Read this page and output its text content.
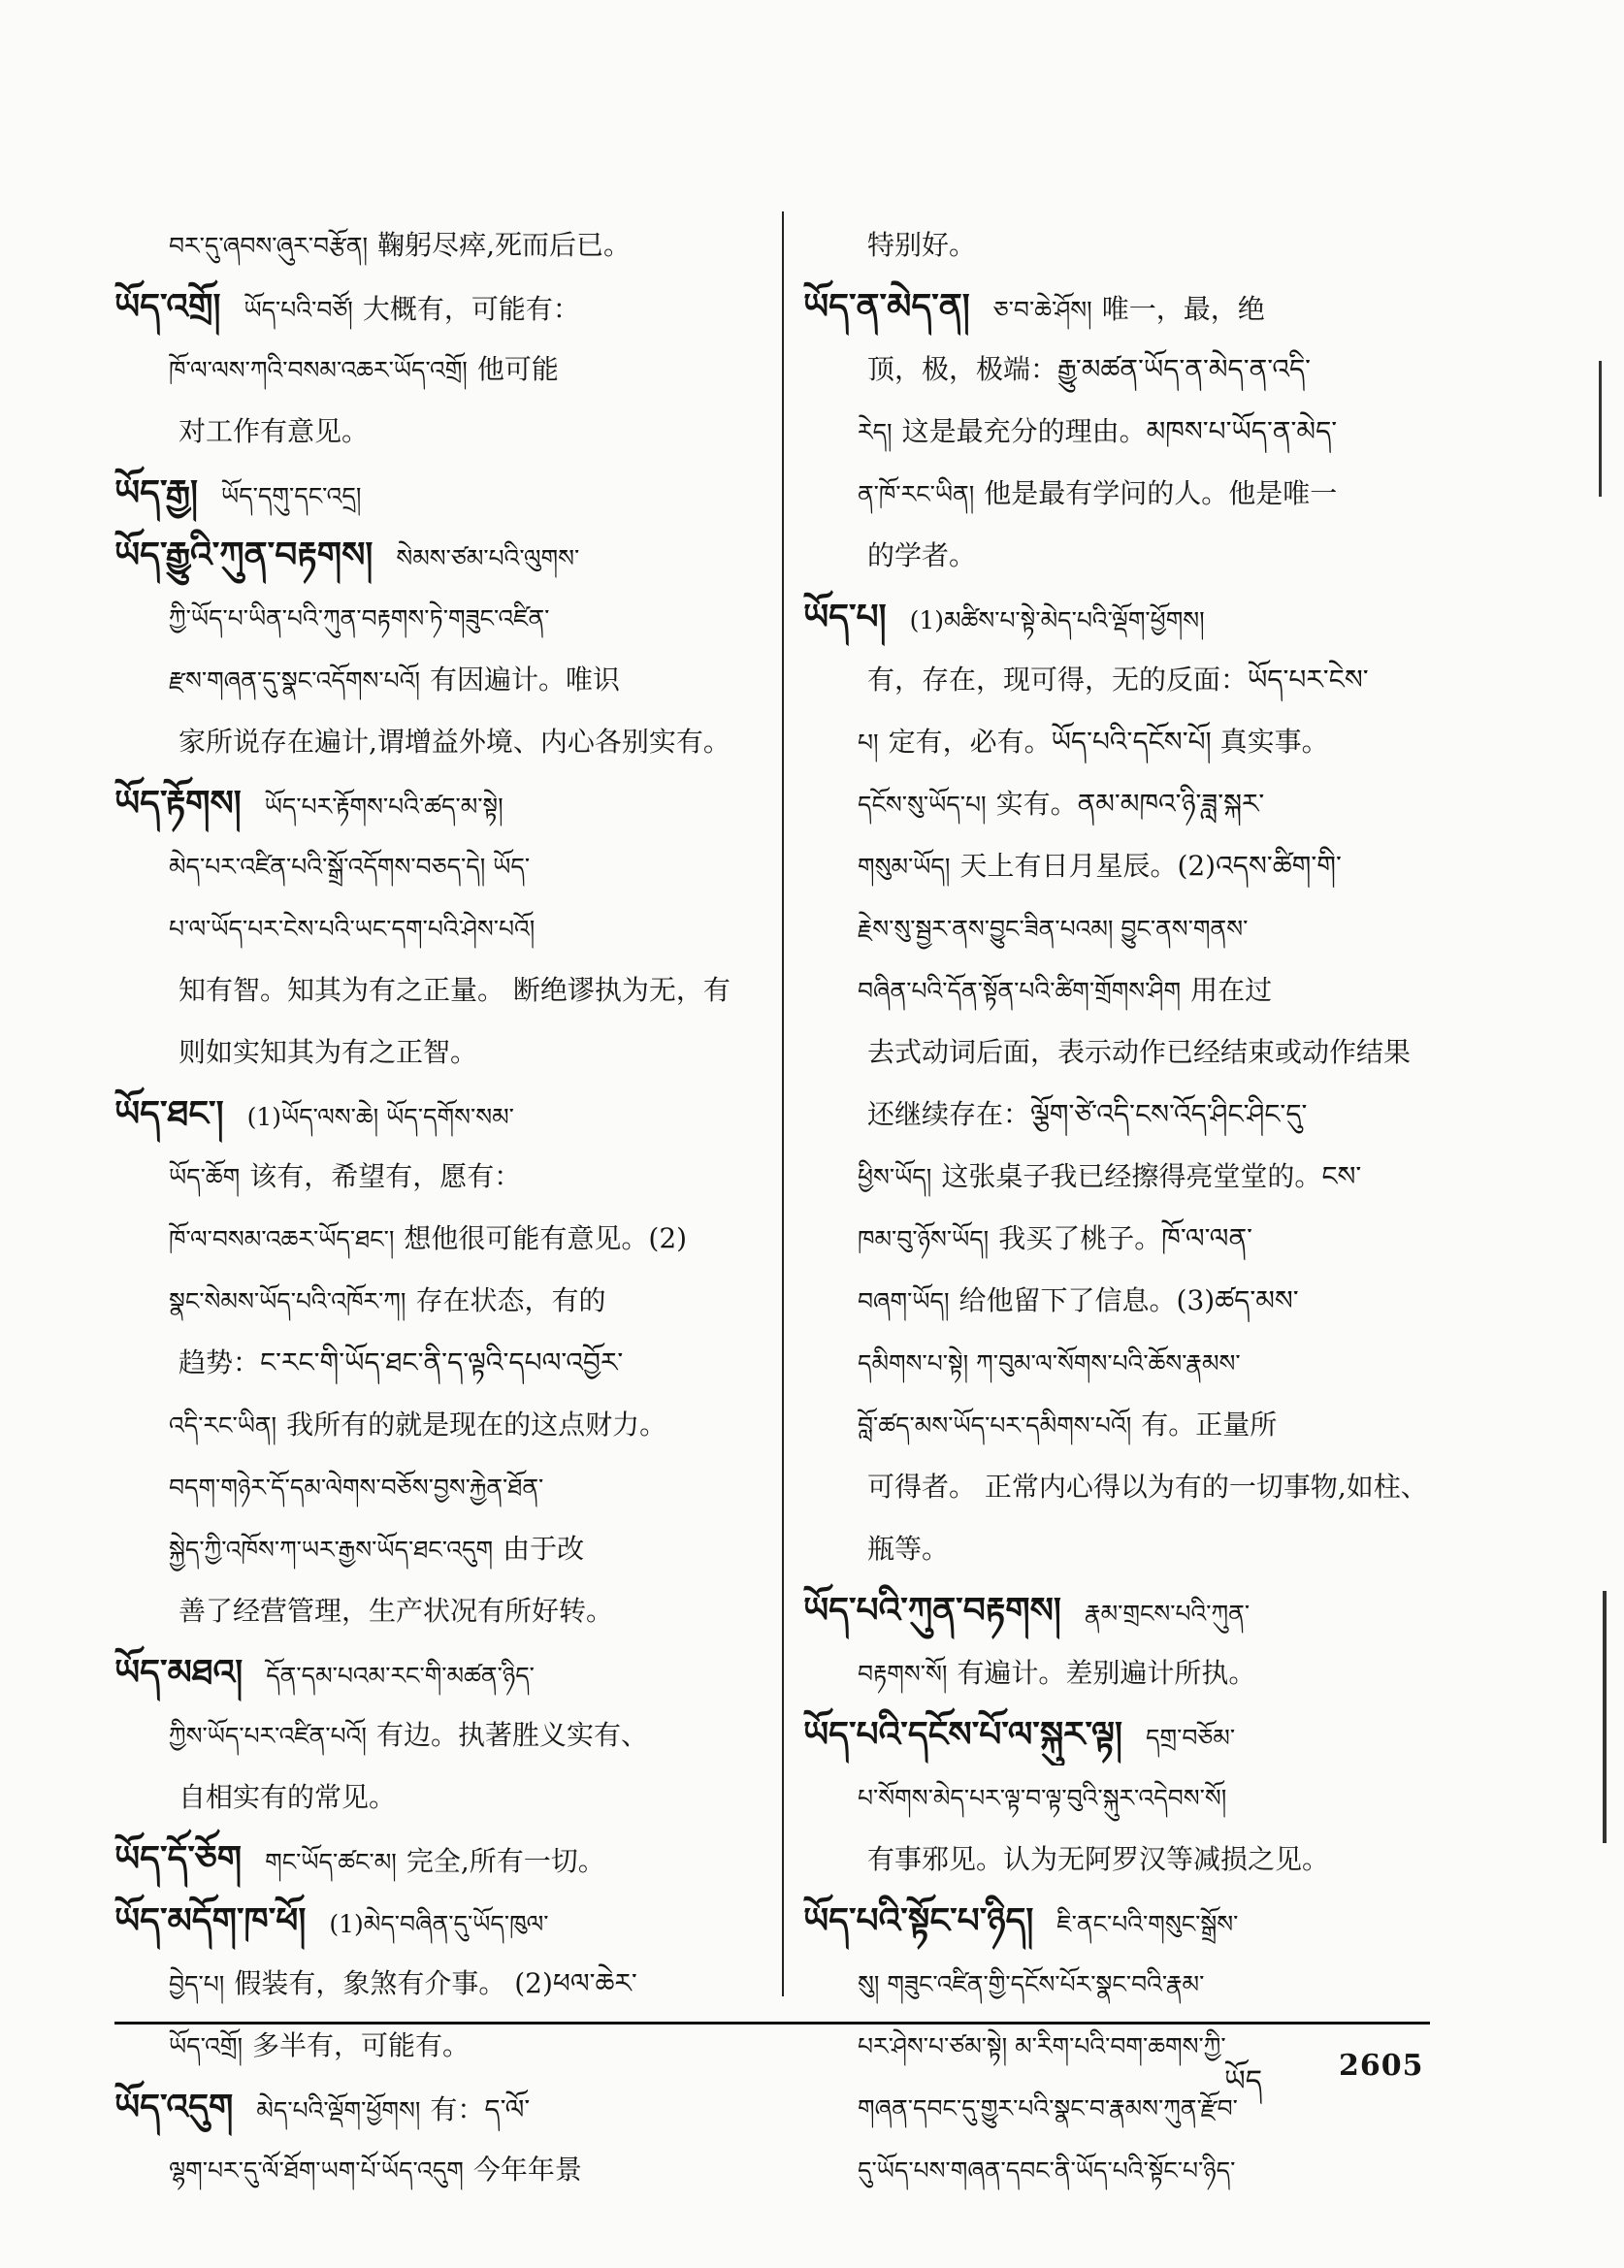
བར་དུ་ཞབས་ཞུར་བརྩོན། 鞠躬尽瘁,死而后已。
ཡོད་འགྲོ། ཡོད་པའི་བཙོ། 大概有，可能有：
ཁོ་ལ་ལས་ཀའི་བསམ་འཆར་ཡོད་འགྲོ། 他可能
对工作有意见。
ཡོད་རྒྱ། ཡོད་དགུ་དང་འདྲ།
ཡོད་རྒྱུའི་ཀུན་བརྟགས། སེམས་ཙམ་པའི་ལུགས་
ཀྱི་ཡོད་པ་ཡིན་པའི་ཀུན་བརྟགས་ཏེ་གཟུང་འཛིན་
རྫས་གཞན་དུ་སྣང་འདོགས་པའོ། 有因遍计。唯识
家所说存在遍计,谓增益外境、内心各别实有。
ཡོད་རྟོགས། ཡོད་པར་རྟོགས་པའི་ཚད་མ་སྟེ།
མེད་པར་འཛིན་པའི་སྒྲོ་འདོགས་བཅད་དེ། ཡོད་
པ་ལ་ཡོད་པར་ངེས་པའི་ཡང་དག་པའི་ཤེས་པའོ།
知有智。知其为有之正量。 断绝谬执为无，有
则如实知其为有之正智。
ཡོད་ཐང་། (1)ཡོད་ལས་ཆེ། ཡོད་དགོས་སམ་
ཡོད་ཆོག 该有，希望有，愿有：
ཁོ་ལ་བསམ་འཆར་ཡོད་ཐང་། 想他很可能有意见。(2)
སྣང་སེམས་ཡོད་པའི་འཁོར་ཀ། 存在状态，有的
趋势：ང་རང་གི་ཡོད་ཐང་ནི་ད་ལྟའི་དཔལ་འབྱོར་
འདི་རང་ཡིན། 我所有的就是现在的这点财力。
བདག་གཉེར་དོ་དམ་ལེགས་བཅོས་བྱས་རྐྱེན་ཐོན་
སྐྱེད་ཀྱི་འཁོས་ཀ་ཡར་རྒྱས་ཡོད་ཐང་འདུག 由于改
善了经营管理，生产状况有所好转。
ཡོད་མཐའ། དོན་དམ་པའམ་རང་གི་མཚན་ཉིད་
ཀྱིས་ཡོད་པར་འཛིན་པའོ། 有边。执著胜义实有、
自相实有的常见。
ཡོད་དོ་ཅོག གང་ཡོད་ཚང་མ། 完全,所有一切。
ཡོད་མདོག་ཁ་ཕོ། (1)མེད་བཞིན་དུ་ཡོད་ཁུལ་
བྱེད་པ། 假装有，象煞有介事。 (2)ཕལ་ཆེར་
ཡོད་འགྲོ། 多半有，可能有。
ཡོད་འདུག མེད་པའི་ལྡོག་ཕྱོགས། 有：ད་ལོ་
ལྷག་པར་དུ་ལོ་ཐོག་ཡག་པོ་ཡོད་འདུག 今年年景
特别好。
ཡོད་ན་མེད་ན། ཅ་བ་ཆེ་ཤོས། 唯一，最，绝
顶，极，极端：རྒྱུ་མཚན་ཡོད་ན་མེད་ན་འདི་
རེད། 这是最充分的理由。མཁས་པ་ཡོད་ན་མེད་
ན་ཁོ་རང་ཡིན། 他是最有学问的人。他是唯一
的学者。
ཡོད་པ། (1)མཚིས་པ་སྟེ་མེད་པའི་ལྡོག་ཕྱོགས།
有，存在，现可得，无的反面：ཡོད་པར་ངེས་
པ། 定有，必有。ཡོད་པའི་དངོས་པོ། 真实事。
དངོས་སུ་ཡོད་པ། 实有。ནམ་མཁའ་ཉི་ཟླ་སྐར་
གསུམ་ཡོད། 天上有日月星辰。(2)འདས་ཚིག་གི་
རྗེས་སུ་སྦྱར་ནས་བྱུང་ཟིན་པའམ། བྱུང་ནས་གནས་
བཞིན་པའི་དོན་སྟོན་པའི་ཚིག་གྲོགས་ཤིག 用在过
去式动词后面，表示动作已经结束或动作结果
还继续存在：ལྕོག་ཙེ་འདི་ངས་འོད་ཤིང་ཤིང་དུ་
ཕྱིས་ཡོད། 这张桌子我已经擦得亮堂堂的。ངས་
ཁམ་བུ་ཉོས་ཡོད། 我买了桃子。ཁོ་ལ་ལན་
བཞག་ཡོད། 给他留下了信息。(3)ཚད་མས་
དམིགས་པ་སྟེ། ཀ་བུམ་ལ་སོགས་པའི་ཆོས་རྣམས་
བློ་ཚད་མས་ཡོད་པར་དམིགས་པའོ། 有。正量所
可得者。 正常内心得以为有的一切事物,如柱、
瓶等。
ཡོད་པའི་ཀུན་བརྟགས། རྣམ་གྲངས་པའི་ཀུན་
བརྟགས་སོ། 有遍计。差别遍计所执。
ཡོད་པའི་དངོས་པོ་ལ་སྐུར་ལྟ། དགྲ་བཅོམ་
པ་སོགས་མེད་པར་ལྟ་བ་ལྟ་བུའི་སྐུར་འདེབས་སོ།
有事邪见。认为无阿罗汉等减损之见。
ཡོད་པའི་སྟོང་པ་ཉིད། ཇི་ནང་པའི་གསུང་སྒྲོས་
སུ། གཟུང་འཛིན་གྱི་དངོས་པོར་སྣང་བའི་རྣམ་
པར་ཤེས་པ་ཙམ་སྟེ། མ་རིག་པའི་བག་ཆགས་ཀྱི་
གཞན་དབང་དུ་གྱུར་པའི་སྣང་བ་རྣམས་ཀུན་རྫོབ་
དུ་ཡོད་པས་གཞན་དབང་ནི་ཡོད་པའི་སྟོང་པ་ཉིད་
ཡོད	2605
